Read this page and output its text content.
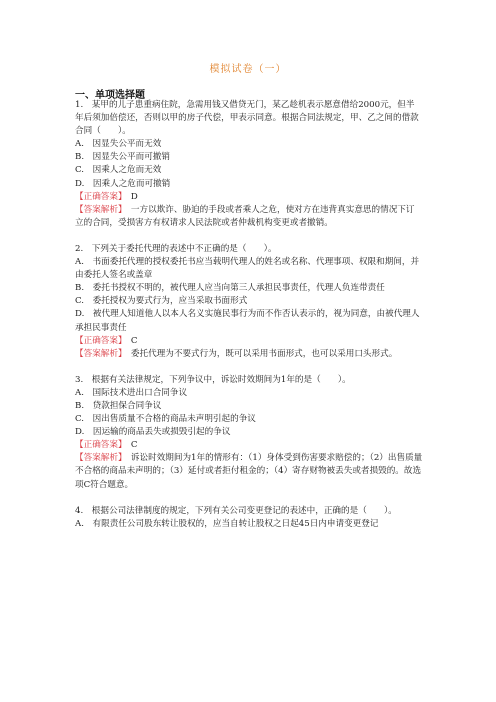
模拟试卷（一）
一、单项选择题
1.　某甲的儿子患重病住院，急需用钱又借贷无门，某乙趁机表示愿意借给2000元，但半年后须加倍偿还，否则以甲的房子代偿，甲表示同意。根据合同法规定，甲、乙之间的借款合同（　　）。
A.　因显失公平而无效
B.　因显失公平而可撤销
C.　因乘人之危而无效
D.　因乘人之危而可撤销
【正确答案】　 D
【答案解析】　 一方以欺诈、胁迫的手段或者乘人之危，使对方在违背真实意思的情况下订立的合同，受损害方有权请求人民法院或者仲裁机构变更或者撤销。
2.　下列关于委托代理的表述中不正确的是（　　）。
A.　书面委托代理的授权委托书应当载明代理人的姓名或名称、代理事项、权限和期间，并由委托人签名或盖章
B.　委托书授权不明的，被代理人应当向第三人承担民事责任，代理人负连带责任
C.　委托授权为要式行为，应当采取书面形式
D.　被代理人知道他人以本人名义实施民事行为而不作否认表示的，视为同意，由被代理人承担民事责任
【正确答案】　 C
【答案解析】　 委托代理为不要式行为，既可以采用书面形式，也可以采用口头形式。
3.　根据有关法律规定，下列争议中，诉讼时效期间为1年的是（　　）。
A.　国际技术进出口合同争议
B.　贷款担保合同争议
C.　因出售质量不合格的商品未声明引起的争议
D.　因运输的商品丢失或损毁引起的争议
【正确答案】　 C
【答案解析】　 诉讼时效期间为1年的情形有：（1）身体受到伤害要求赔偿的；（2）出售质量不合格的商品未声明的；（3）延付或者拒付租金的；（4）寄存财物被丢失或者损毁的。故选项C符合题意。
4.　根据公司法律制度的规定，下列有关公司变更登记的表述中，正确的是（　　）。
A.　有限责任公司股东转让股权的，应当自转让股权之日起45日内申请变更登记
